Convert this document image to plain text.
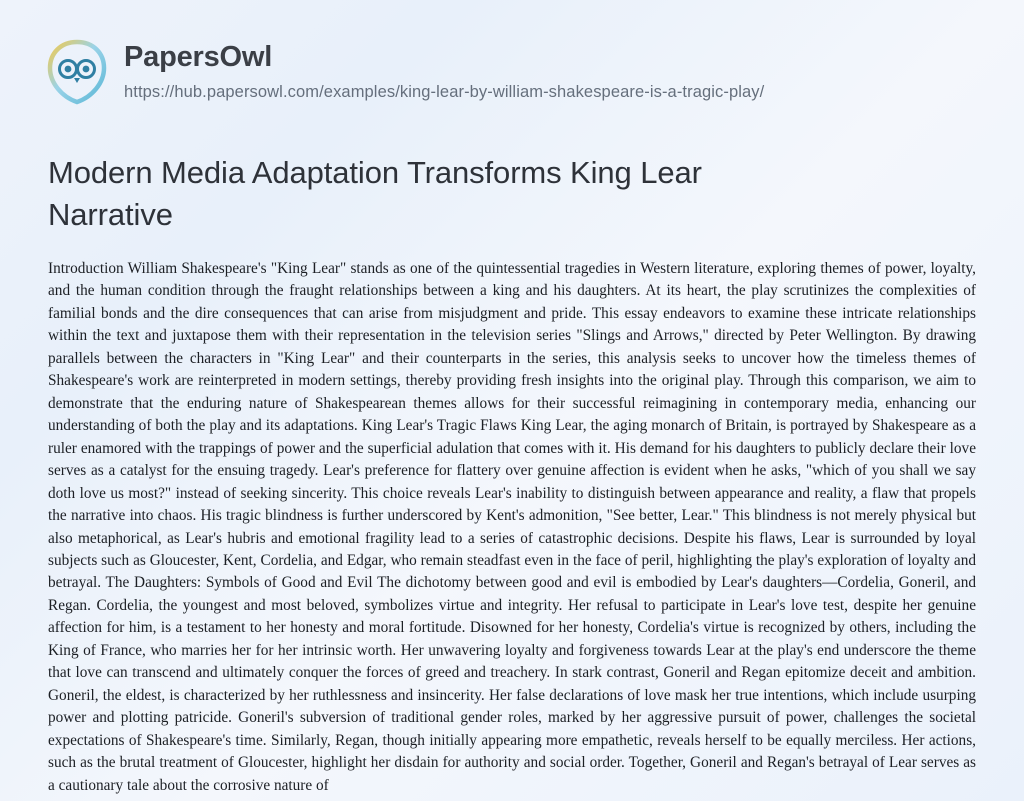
PapersOwl
https://hub.papersowl.com/examples/king-lear-by-william-shakespeare-is-a-tragic-play/
Modern Media Adaptation Transforms King Lear Narrative

Introduction William Shakespeare's "King Lear" stands as one of the quintessential tragedies in Western literature, exploring themes of power, loyalty, and the human condition through the fraught relationships between a king and his daughters. At its heart, the play scrutinizes the complexities of familial bonds and the dire consequences that can arise from misjudgment and pride. This essay endeavors to examine these intricate relationships within the text and juxtapose them with their representation in the television series "Slings and Arrows," directed by Peter Wellington. By drawing parallels between the characters in "King Lear" and their counterparts in the series, this analysis seeks to uncover how the timeless themes of Shakespeare's work are reinterpreted in modern settings, thereby providing fresh insights into the original play. Through this comparison, we aim to demonstrate that the enduring nature of Shakespearean themes allows for their successful reimagining in contemporary media, enhancing our understanding of both the play and its adaptations. King Lear's Tragic Flaws King Lear, the aging monarch of Britain, is portrayed by Shakespeare as a ruler enamored with the trappings of power and the superficial adulation that comes with it. His demand for his daughters to publicly declare their love serves as a catalyst for the ensuing tragedy. Lear's preference for flattery over genuine affection is evident when he asks, "which of you shall we say doth love us most?" instead of seeking sincerity. This choice reveals Lear's inability to distinguish between appearance and reality, a flaw that propels the narrative into chaos. His tragic blindness is further underscored by Kent's admonition, "See better, Lear." This blindness is not merely physical but also metaphorical, as Lear's hubris and emotional fragility lead to a series of catastrophic decisions. Despite his flaws, Lear is surrounded by loyal subjects such as Gloucester, Kent, Cordelia, and Edgar, who remain steadfast even in the face of peril, highlighting the play's exploration of loyalty and betrayal. The Daughters: Symbols of Good and Evil The dichotomy between good and evil is embodied by Lear's daughters—Cordelia, Goneril, and Regan. Cordelia, the youngest and most beloved, symbolizes virtue and integrity. Her refusal to participate in Lear's love test, despite her genuine affection for him, is a testament to her honesty and moral fortitude. Disowned for her honesty, Cordelia's virtue is recognized by others, including the King of France, who marries her for her intrinsic worth. Her unwavering loyalty and forgiveness towards Lear at the play's end underscore the theme that love can transcend and ultimately conquer the forces of greed and treachery. In stark contrast, Goneril and Regan epitomize deceit and ambition. Goneril, the eldest, is characterized by her ruthlessness and insincerity. Her false declarations of love mask her true intentions, which include usurping power and plotting patricide. Goneril's subversion of traditional gender roles, marked by her aggressive pursuit of power, challenges the societal expectations of Shakespeare's time. Similarly, Regan, though initially appearing more empathetic, reveals herself to be equally merciless. Her actions, such as the brutal treatment of Gloucester, highlight her disdain for authority and social order. Together, Goneril and Regan's betrayal of Lear serves as a cautionary tale about the corrosive nature of
